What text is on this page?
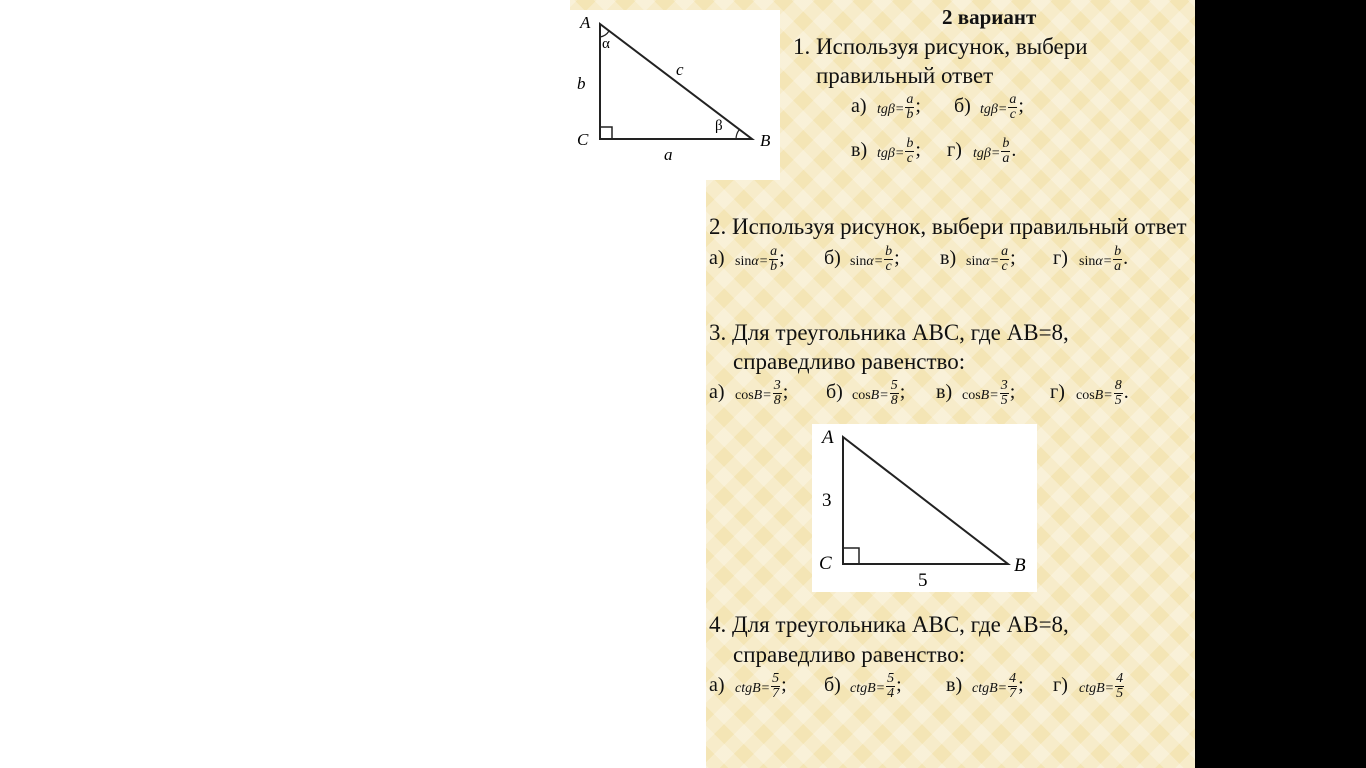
A
α
b
c
C
β
B
a
2 вариант
1. Используя рисунок, выбери
правильный ответ
а) $tg\beta= \frac{a}{b}$ ; б) $tg\beta= \frac{a}{c}$ ;
в) $tg\beta= \frac{b}{c}$ ; г) $tg\beta= \frac{b}{a}$ .
2. Используя рисунок, выбери правильный ответ
а) $\sin\alpha= \frac{a}{b}$ ; б) $\sin\alpha= \frac{b}{c}$ ; в) $\sin\alpha= \frac{a}{c}$ ; г) $\sin\alpha= \frac{b}{a}$ .
3. Для треугольника ABC, где AB=8,
справедливо равенство:
а) $\cos B= \frac{3}{8}$ ; б) $\cos B= \frac{5}{8}$ ; в) $\cos B= \frac{3}{5}$ ; г) $\cos B= \frac{8}{5}$ .
A
3
C
5
B
4. Для треугольника ABC, где AB=8,
справедливо равенство:
а) ctgB= $\frac{5}{7}$ ; б) ctgB= $\frac{5}{4}$ ; в) ctgB= $\frac{4}{7}$ ; г) ctgB= $\frac{4}{5}$
